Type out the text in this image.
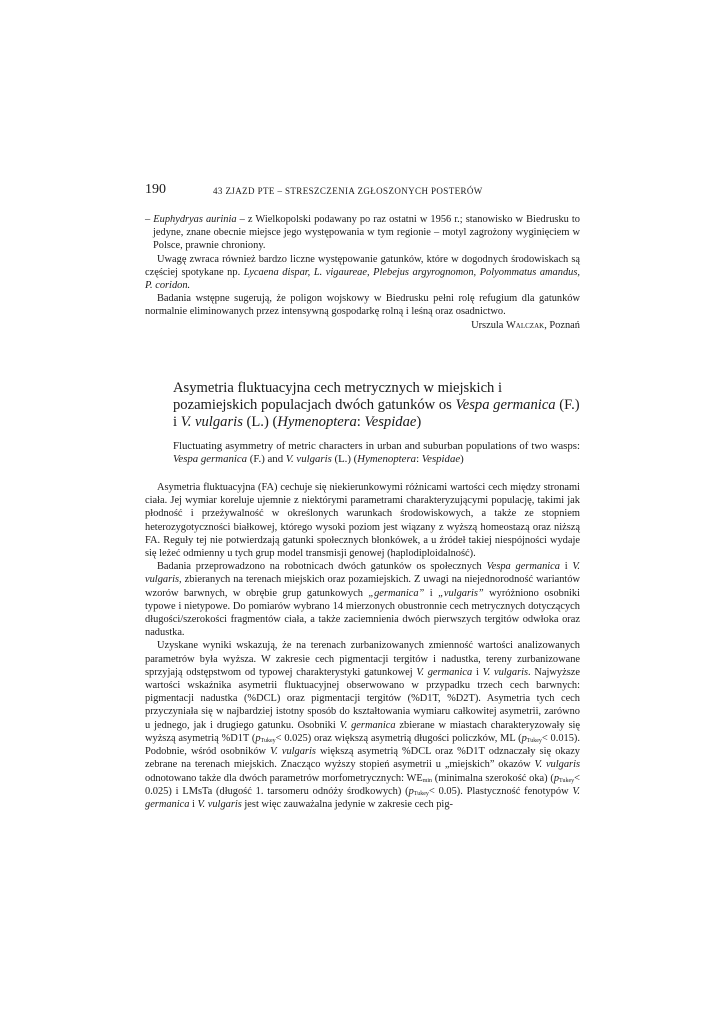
190	43 ZJAZD PTE – STRESZCZENIA ZGŁOSZONYCH POSTERÓW

– Euphydryas aurinia – z Wielkopolski podawany po raz ostatni w 1956 r.; stanowisko w Biedrusku to jedyne, znane obecnie miejsce jego występowania w tym regionie – motyl zagrożony wyginięciem w Polsce, prawnie chroniony.

Uwagę zwraca również bardzo liczne występowanie gatunków, które w dogodnych środowiskach są częściej spotykane np. Lycaena dispar, L. vigaureae, Plebejus argyrognomon, Polyommatus amandus, P. coridon.

Badania wstępne sugerują, że poligon wojskowy w Biedrusku pełni rolę refugium dla gatunków normalnie eliminowanych przez intensywną gospodarkę rolną i leśną oraz osadnictwo.

Urszula Walczak, Poznań

Asymetria fluktuacyjna cech metrycznych w miejskich i pozamiejskich populacjach dwóch gatunków os Vespa germanica (F.) i V. vulgaris (L.) (Hymenoptera: Vespidae)
Fluctuating asymmetry of metric characters in urban and suburban populations of two wasps: Vespa germanica (F.) and V. vulgaris (L.) (Hymenoptera: Vespidae)

Asymetria fluktuacyjna (FA) cechuje się niekierunkowymi różnicami wartości cech między stronami ciała. Jej wymiar koreluje ujemnie z niektórymi parametrami charakteryzującymi populację, takimi jak płodność i przeżywalność w określonych warunkach środowiskowych, a także ze stopniem heterozygotyczności białkowej, którego wysoki poziom jest wiązany z wyższą homeostazą oraz niższą FA. Reguły tej nie potwierdzają gatunki społecznych błonkówek, a u źródeł takiej niespójności wydaje się leżeć odmienny u tych grup model transmisji genowej (haplodiploidalność).

Badania przeprowadzono na robotnicach dwóch gatunków os społecznych Vespa germanica i V. vulgaris, zbieranych na terenach miejskich oraz pozamiejskich. Z uwagi na niejednorodność wariantów wzorów barwnych, w obrębie grup gatunkowych „germanica” i „vulgaris” wyróżniono osobniki typowe i nietypowe. Do pomiarów wybrano 14 mierzonych obustronnie cech metrycznych dotyczących długości/szerokości fragmentów ciała, a także zaciemnienia dwóch pierwszych tergitów odwłoka oraz nadustka.

Uzyskane wyniki wskazują, że na terenach zurbanizowanych zmienność wartości analizowanych parametrów była wyższa. W zakresie cech pigmentacji tergitów i nadustka, tereny zurbanizowane sprzyjają odstępstwom od typowej charakterystyki gatunkowej V. germanica i V. vulgaris. Najwyższe wartości wskaźnika asymetrii fluktuacyjnej obserwowano w przypadku trzech cech barwnych: pigmentacji nadustka (%DCL) oraz pigmentacji tergitów (%D1T, %D2T). Asymetria tych cech przyczyniała się w najbardziej istotny sposób do kształtowania wymiaru całkowitej asymetrii, zarówno u jednego, jak i drugiego gatunku. Osobniki V. germanica zbierane w miastach charakteryzowały się wyższą asymetrią %D1T $(p_{Tukey}< 0.025)$ oraz większą asymetrią długości policzków, ML $(p_{Tukey}< 0.015)$. Podobnie, wśród osobników V. vulgaris większą asymetrią %DCL oraz %D1T odznaczały się okazy zebrane na terenach miejskich. Znacząco wyższy stopień asymetrii u „miejskich” okazów V. vulgaris odnotowano także dla dwóch parametrów morfometrycznych: $WE_{min}$ (minimalna szerokość oka) $(p_{Tukey}< 0.025)$ i LMsTa (długość 1. tarsomeru odnóży środkowych) $(p_{Tukey}< 0.05)$. Plastyczność fenotypów V. germanica i V. vulgaris jest więc zauważalna jedynie w zakresie cech pig-
